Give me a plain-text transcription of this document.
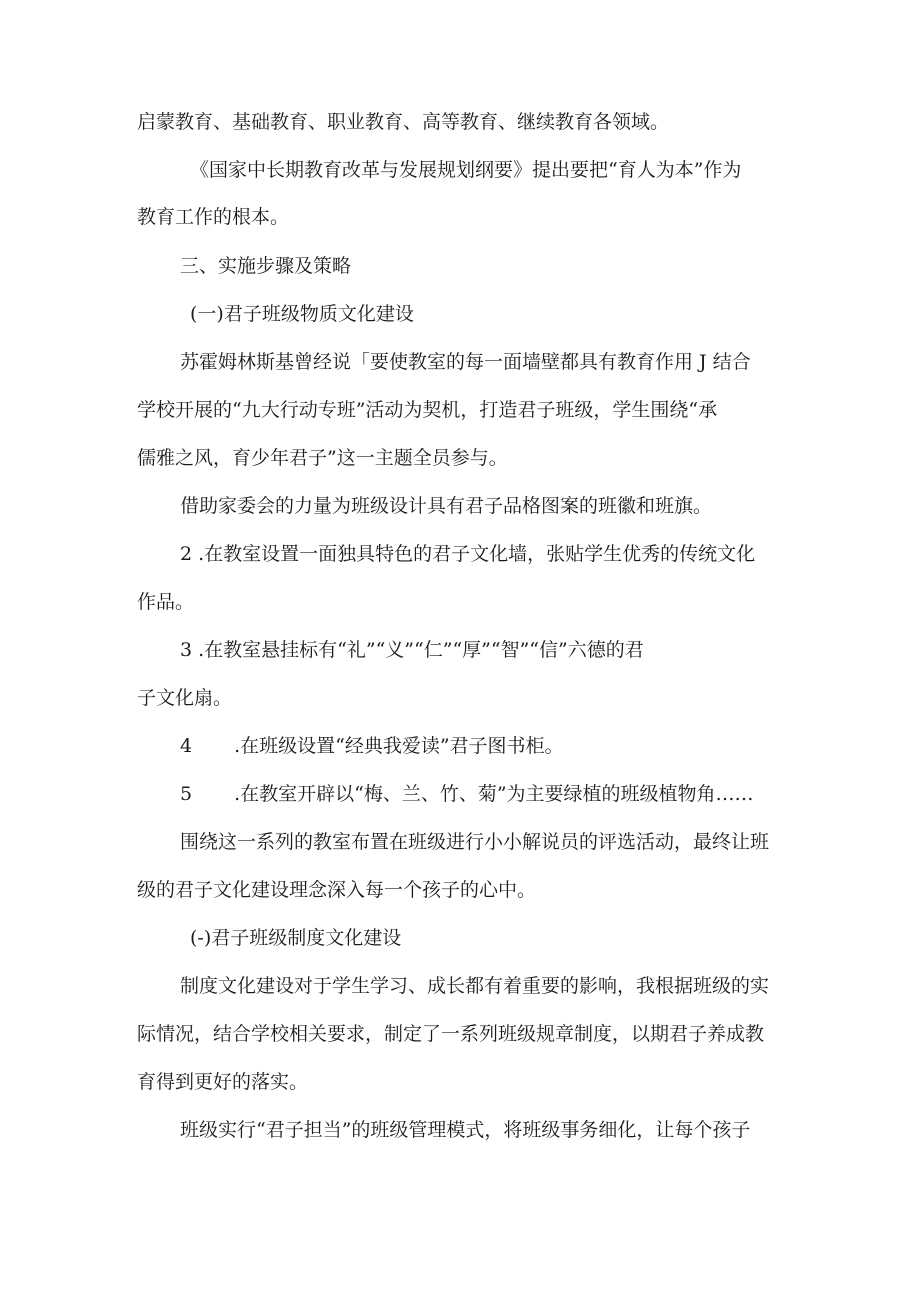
启蒙教育、基础教育、职业教育、高等教育、继续教育各领域。
《国家中长期教育改革与发展规划纲要》提出要把“育人为本”作为
教育工作的根本。
三、实施步骤及策略
(一)君子班级物质文化建设
苏霍姆林斯基曾经说「要使教室的每一面墙壁都具有教育作用 J 结合
学校开展的“九大行动专班”活动为契机，打造君子班级，学生围绕“承
儒雅之风，育少年君子”这一主题全员参与。
借助家委会的力量为班级设计具有君子品格图案的班徽和班旗。
2 .在教室设置一面独具特色的君子文化墙，张贴学生优秀的传统文化
作品。
3 .在教室悬挂标有“礼”“义”“仁”“厚”“智”“信”六德的君
子文化扇。
4 .在班级设置“经典我爱读”君子图书柜。
5 .在教室开辟以“梅、兰、竹、菊”为主要绿植的班级植物角……
围绕这一系列的教室布置在班级进行小小解说员的评选活动，最终让班
级的君子文化建设理念深入每一个孩子的心中。
(-)君子班级制度文化建设
制度文化建设对于学生学习、成长都有着重要的影响，我根据班级的实
际情况，结合学校相关要求，制定了一系列班级规章制度，以期君子养成教
育得到更好的落实。
班级实行“君子担当”的班级管理模式，将班级事务细化，让每个孩子
